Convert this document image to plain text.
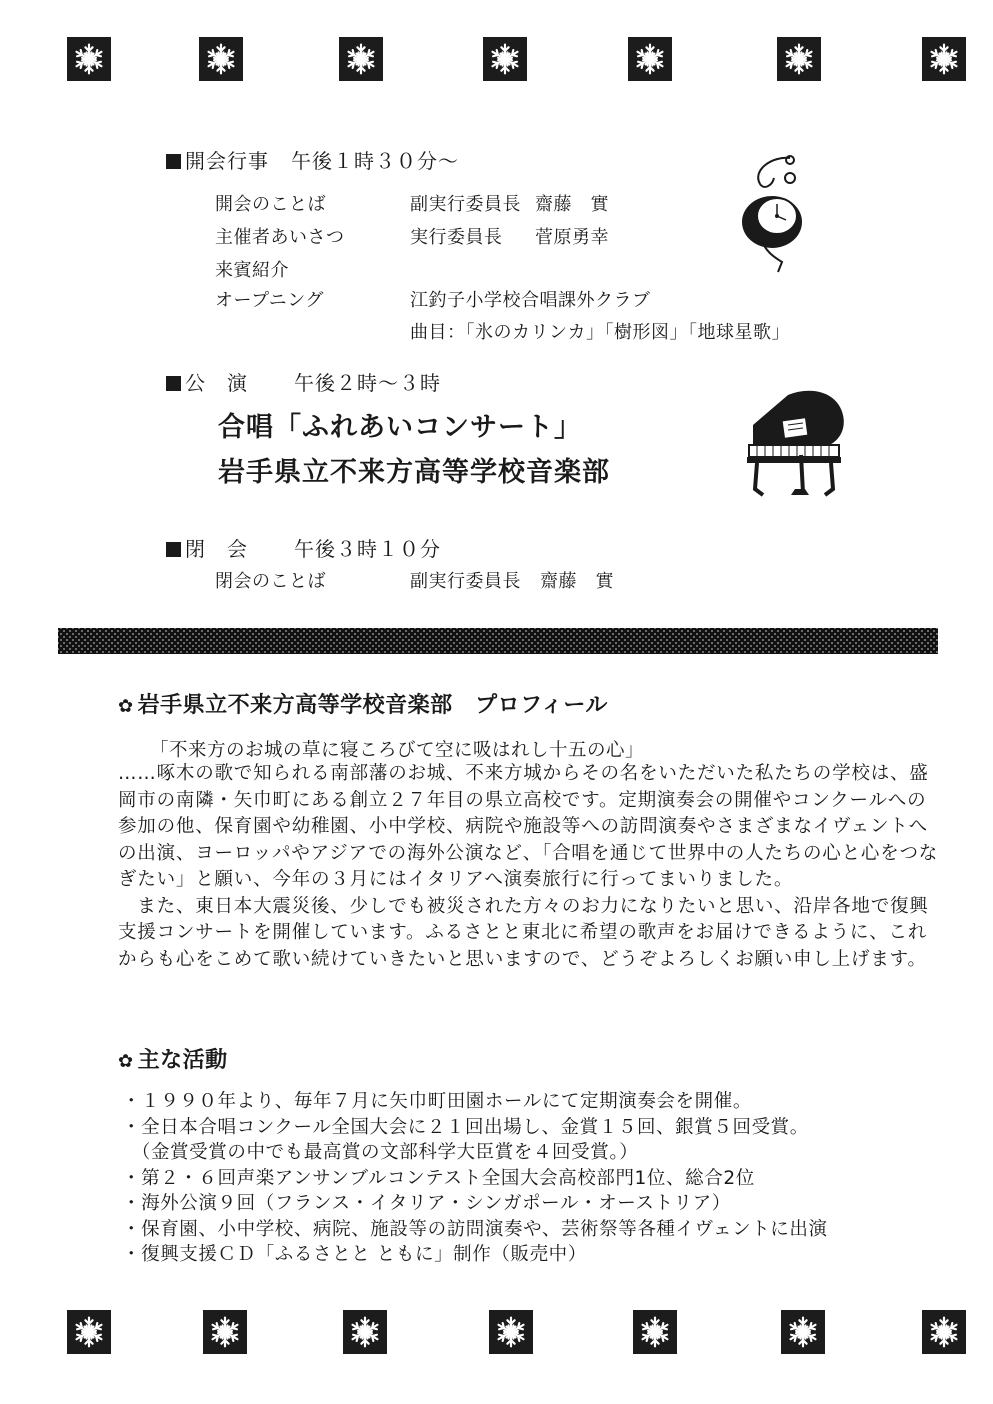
開会行事 午後１時３０分～
開会のことば	副実行委員長 齋藤　實
主催者あいさつ	実行委員長 菅原勇幸
来賓紹介
オープニング	江釣子小学校合唱課外クラブ
曲目：「氷のカリンカ」「樹形図」「地球星歌」
公　演 午後２時～３時
合唱「ふれあいコンサート」
岩手県立不来方高等学校音楽部
閉　会 午後３時１０分
閉会のことば	副実行委員長 齋藤　實
✿ 岩手県立不来方高等学校音楽部　プロフィール
「不来方のお城の草に寝ころびて空に吸はれし十五の心」

……啄木の歌で知られる南部藩のお城、不来方城からその名をいただいた私たちの学校は、盛岡市の南隣・矢巾町にある創立２７年目の県立高校です。定期演奏会の開催やコンクールへの参加の他、保育園や幼稚園、小中学校、病院や施設等への訪問演奏やさまざまなイヴェントへの出演、ヨーロッパやアジアでの海外公演など、「合唱を通じて世界中の人たちの心と心をつなぎたい」と願い、今年の３月にはイタリアへ演奏旅行に行ってまいりました。

　また、東日本大震災後、少しでも被災された方々のお力になりたいと思い、沿岸各地で復興支援コンサートを開催しています。ふるさとと東北に希望の歌声をお届けできるように、これからも心をこめて歌い続けていきたいと思いますので、どうぞよろしくお願い申し上げます。

✿ 主な活動
・１９９０年より、毎年７月に矢巾町田園ホールにて定期演奏会を開催。
・全日本合唱コンクール全国大会に２１回出場し、金賞１５回、銀賞５回受賞。
　（金賞受賞の中でも最高賞の文部科学大臣賞を４回受賞。）
・第２・６回声楽アンサンブルコンテスト全国大会高校部門1位、総合2位
・海外公演９回（フランス・イタリア・シンガポール・オーストリア）
・保育園、小中学校、病院、施設等の訪問演奏や、芸術祭等各種イヴェントに出演
・復興支援ＣＤ「ふるさとと ともに」制作（販売中）
